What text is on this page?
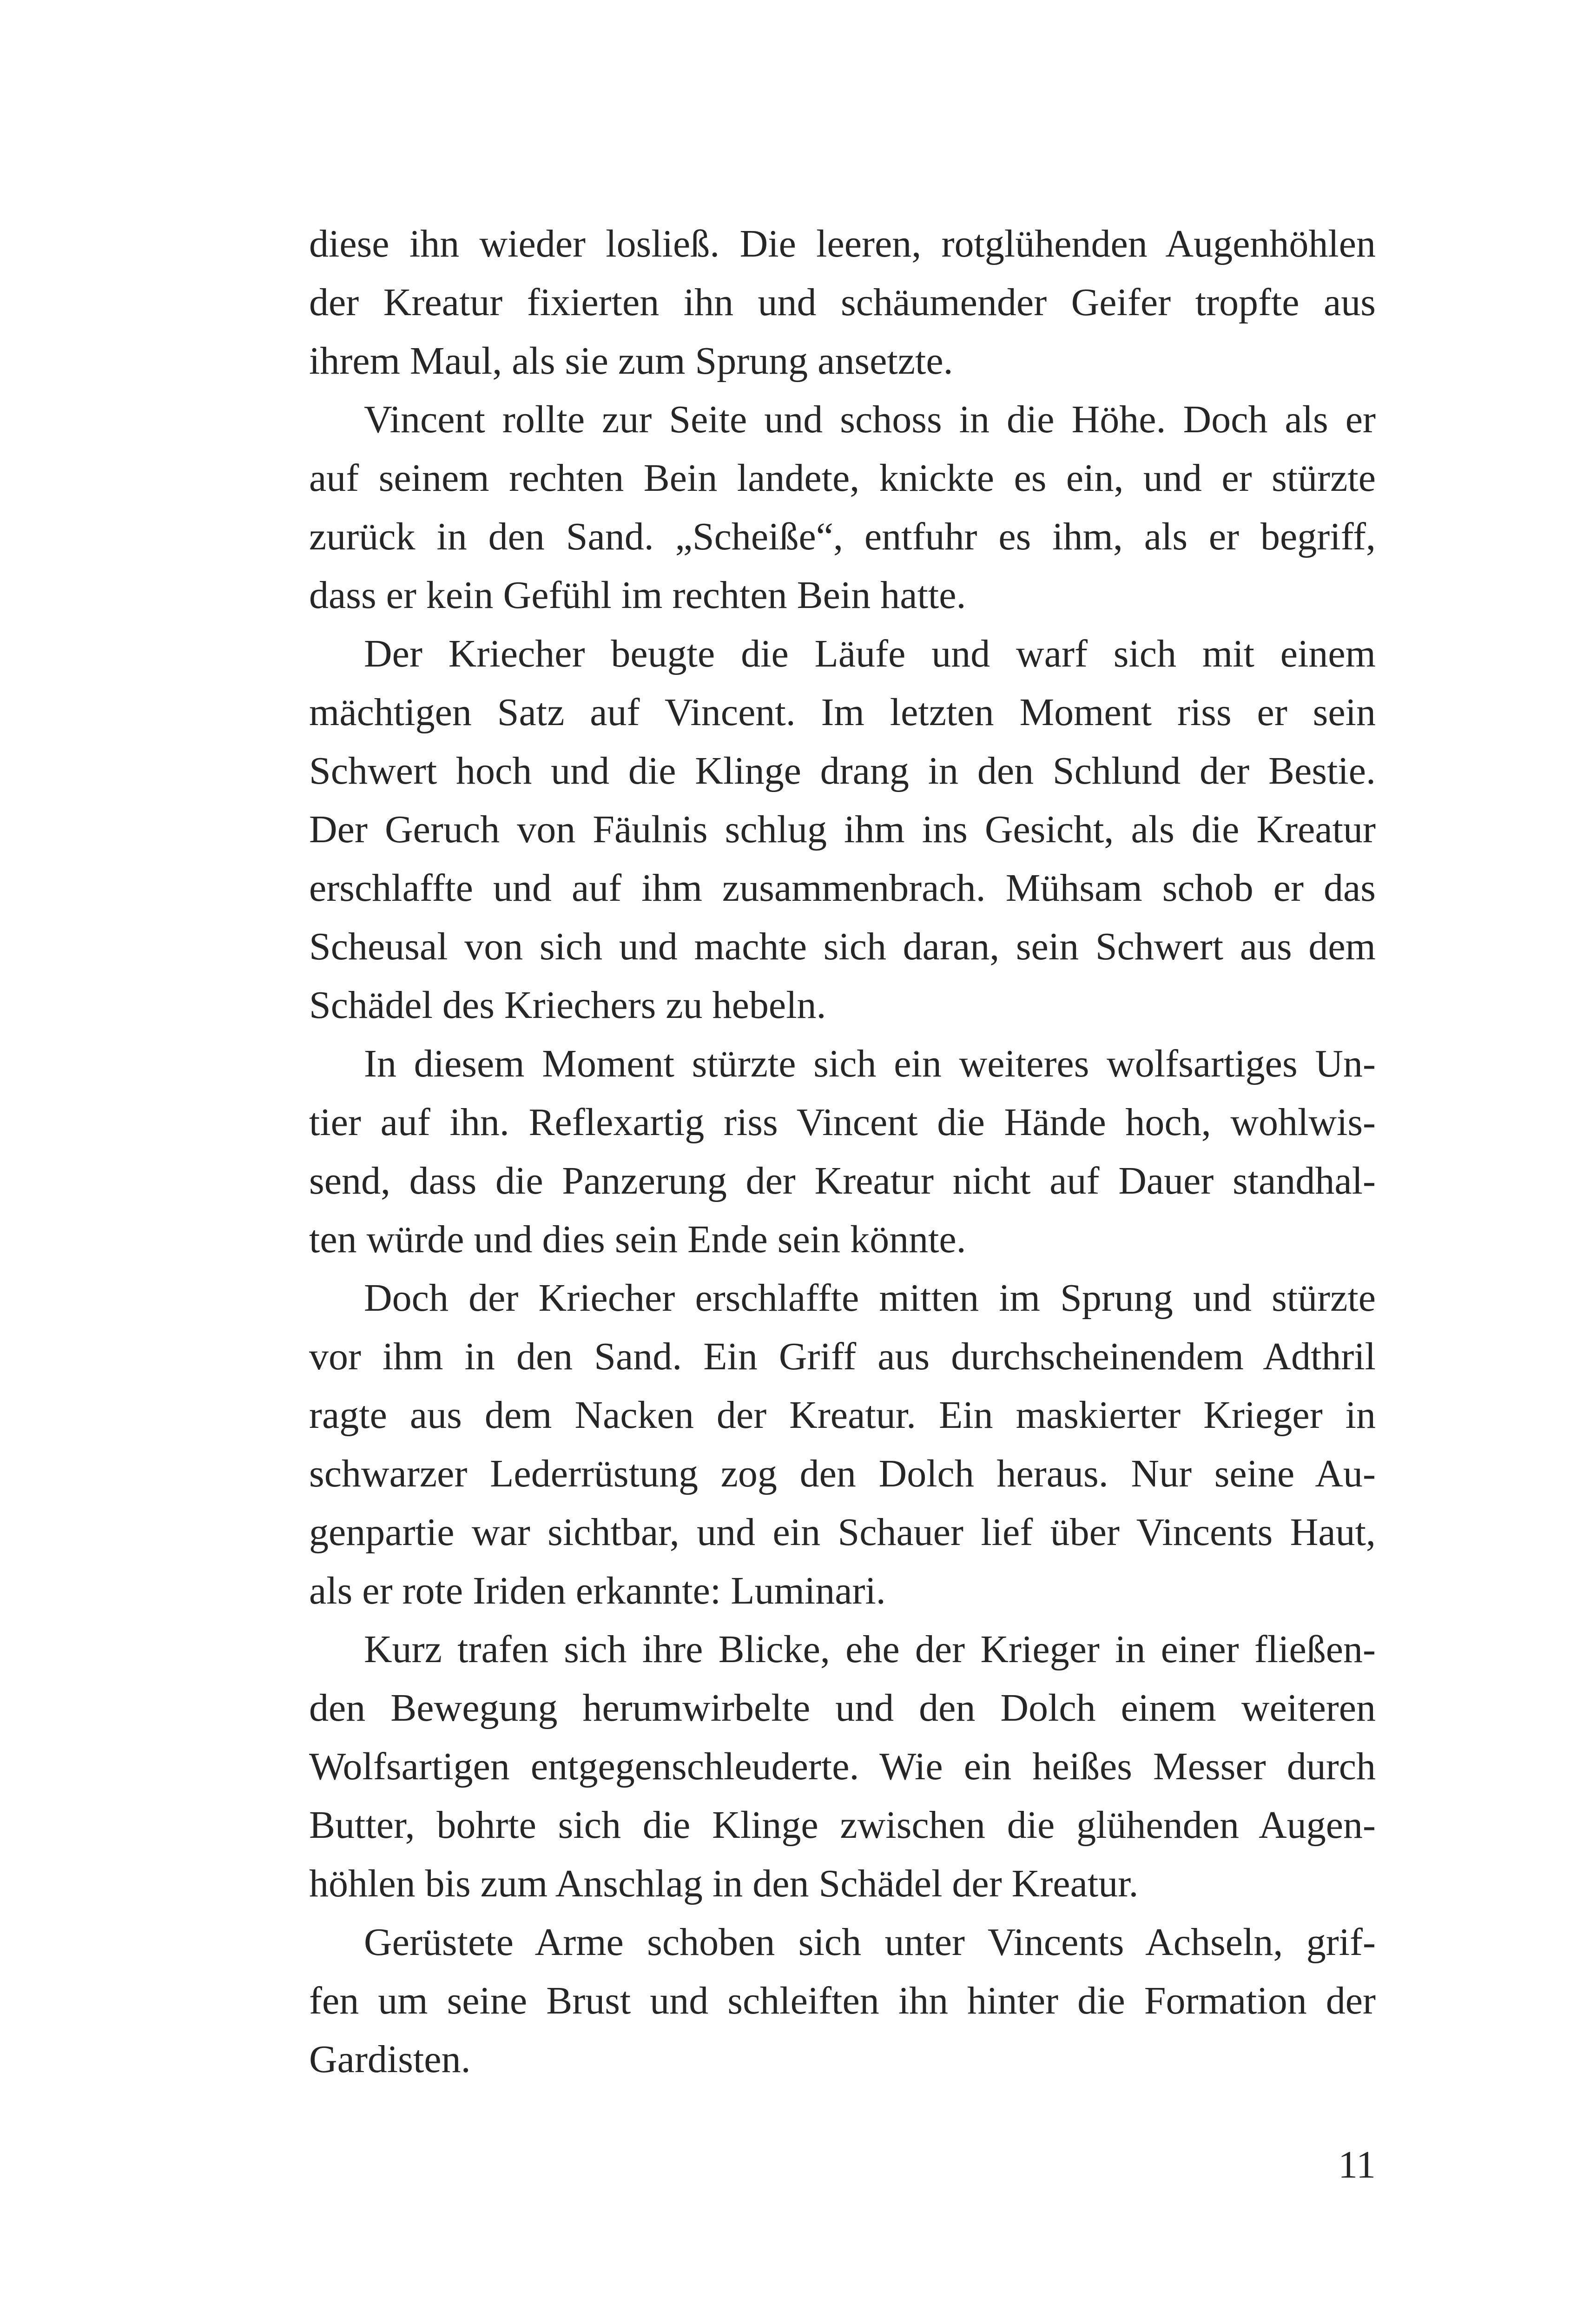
diese ihn wieder losließ. Die leeren, rotglühenden Augenhöhlen
der Kreatur fixierten ihn und schäumender Geifer tropfte aus
ihrem Maul, als sie zum Sprung ansetzte.
Vincent rollte zur Seite und schoss in die Höhe. Doch als er
auf seinem rechten Bein landete, knickte es ein, und er stürzte
zurück in den Sand. „Scheiße“, entfuhr es ihm, als er begriff,
dass er kein Gefühl im rechten Bein hatte.
Der Kriecher beugte die Läufe und warf sich mit einem
mächtigen Satz auf Vincent. Im letzten Moment riss er sein
Schwert hoch und die Klinge drang in den Schlund der Bestie.
Der Geruch von Fäulnis schlug ihm ins Gesicht, als die Kreatur
erschlaffte und auf ihm zusammenbrach. Mühsam schob er das
Scheusal von sich und machte sich daran, sein Schwert aus dem
Schädel des Kriechers zu hebeln.
In diesem Moment stürzte sich ein weiteres wolfsartiges Un-
tier auf ihn. Reflexartig riss Vincent die Hände hoch, wohlwis-
send, dass die Panzerung der Kreatur nicht auf Dauer standhal-
ten würde und dies sein Ende sein könnte.
Doch der Kriecher erschlaffte mitten im Sprung und stürzte
vor ihm in den Sand. Ein Griff aus durchscheinendem Adthril
ragte aus dem Nacken der Kreatur. Ein maskierter Krieger in
schwarzer Lederrüstung zog den Dolch heraus. Nur seine Au-
genpartie war sichtbar, und ein Schauer lief über Vincents Haut,
als er rote Iriden erkannte: Luminari.
Kurz trafen sich ihre Blicke, ehe der Krieger in einer fließen-
den Bewegung herumwirbelte und den Dolch einem weiteren
Wolfsartigen entgegenschleuderte. Wie ein heißes Messer durch
Butter, bohrte sich die Klinge zwischen die glühenden Augen-
höhlen bis zum Anschlag in den Schädel der Kreatur.
Gerüstete Arme schoben sich unter Vincents Achseln, grif-
fen um seine Brust und schleiften ihn hinter die Formation der
Gardisten.
11
